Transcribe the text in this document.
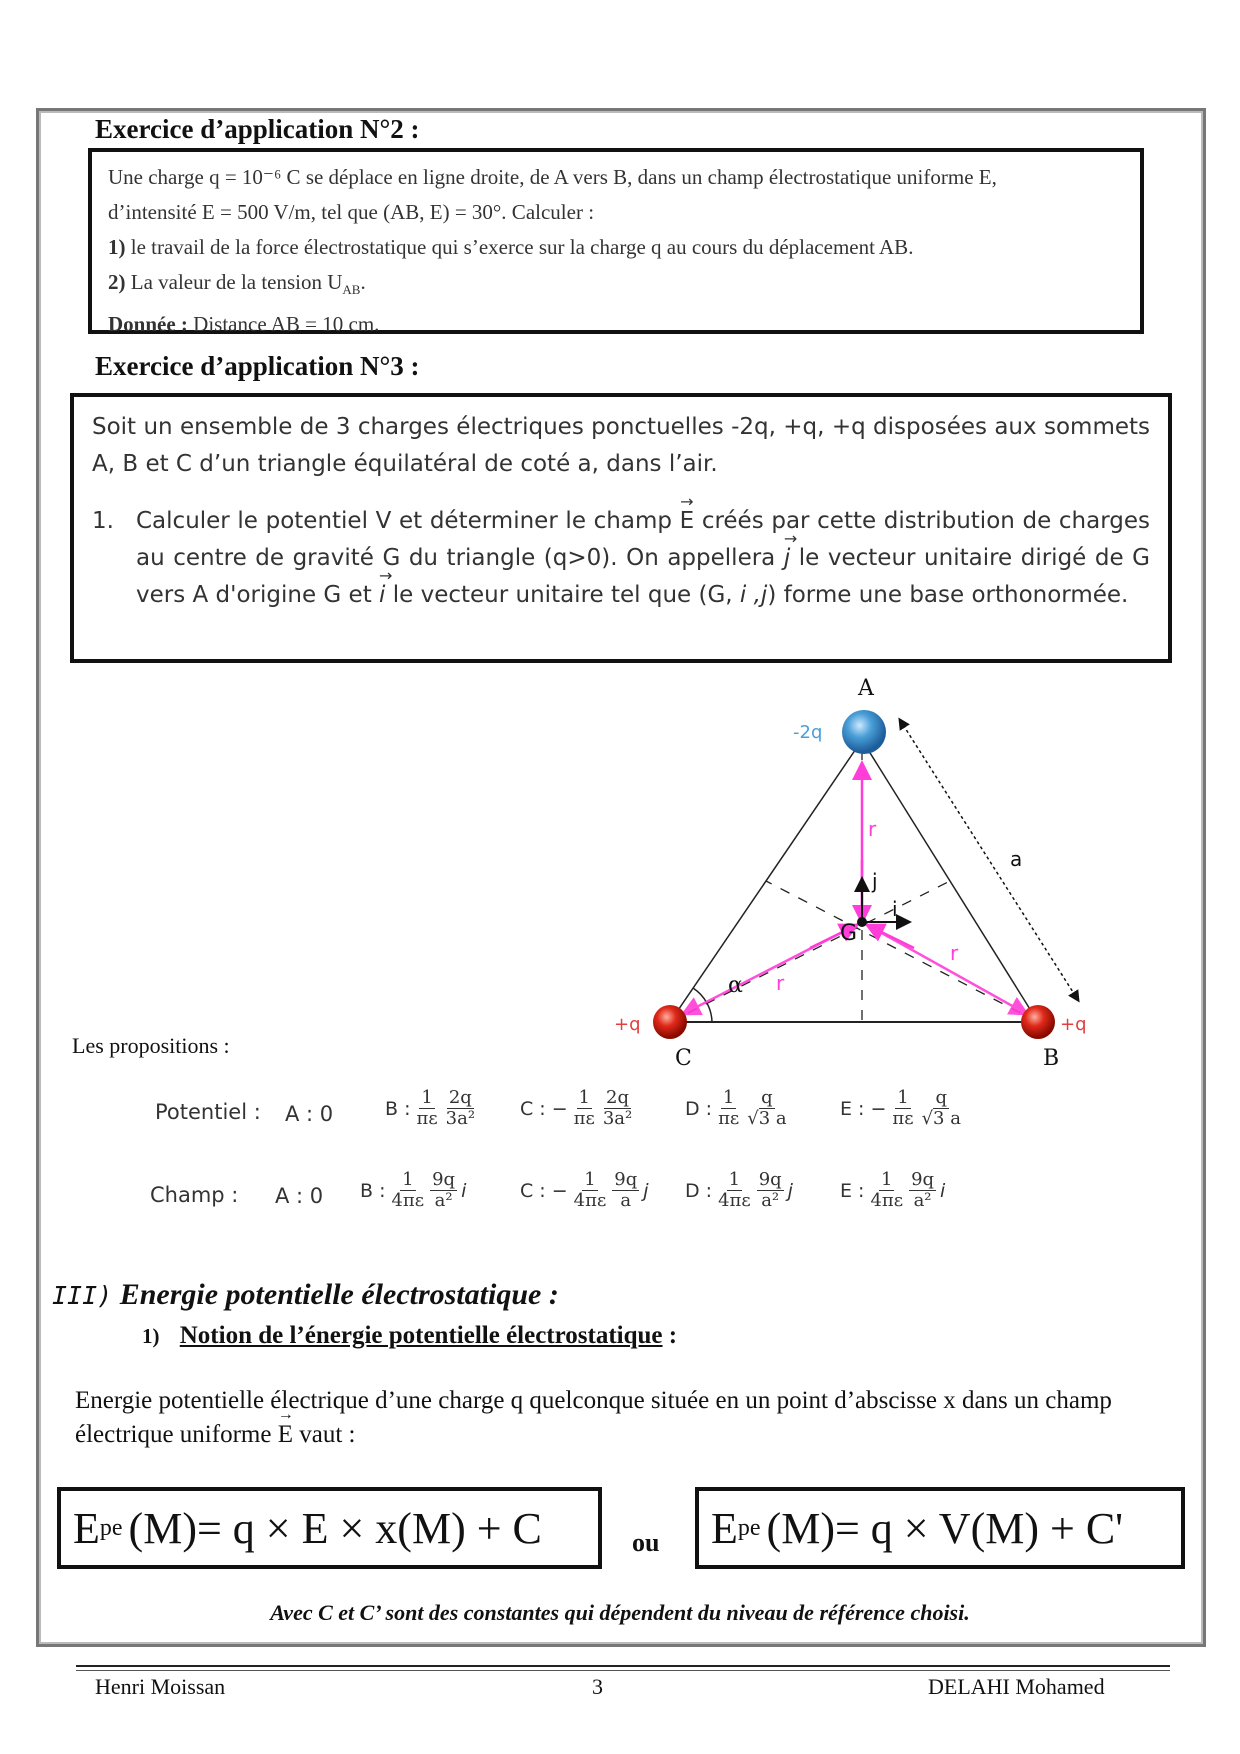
Exercice d’application N°2 :

Une charge q = 10⁻⁶ C se déplace en ligne droite, de A vers B, dans un champ électrostatique uniforme E,

d’intensité E = 500 V/m, tel que (AB, E) = 30°. Calculer :

1) le travail de la force électrostatique qui s’exerce sur la charge q au cours du déplacement AB.

2) La valeur de la tension $U_{AB}$.

Donnée : Distance AB = 10 cm.

Exercice d’application N°3 :

Soit un ensemble de 3 charges électriques ponctuelles -2q, +q, +q disposées aux sommets A, B et C d’un triangle équilatéral de coté a, dans l’air.

1. Calculer le potentiel V et déterminer le champ → E créés par cette distribution de charges au centre de gravité G du triangle (q>0). On appellera → j le vecteur unitaire dirigé de G vers A d'origine G et → i le vecteur unitaire tel que (G, i ,j) forme une base orthonormée.

A
C	B
G
-2q
+q	+q
r
r
r
a
α
j
i
Les propositions :
Potentiel : A : 0	B : $\frac{1}{\pi\varepsilon} \frac{2q}{\text{3a²}}$ C : − $\frac{1}{\pi\varepsilon} \frac{2q}{\text{3a²}}$	D : $\frac{1}{\pi\varepsilon} \frac{q}{√3 a}$	E : − $\frac{1}{\pi\varepsilon} \frac{q}{√3 a}$
Champ : A : 0 B : $\frac{1}{4\pi\varepsilon} \frac{9q}{\text{a²}}$ i	C : − $\frac{1}{4\pi\varepsilon} \frac{9q}{a}$ j D : $\frac{1}{4\pi\varepsilon} \frac{9q}{\text{a²}}$ j E : $\frac{1}{4\pi\varepsilon} \frac{9q}{\text{a²}}$ i
III) Energie potentielle électrostatique :
1) Notion de l’énergie potentielle électrostatique :
Energie potentielle électrique d’une charge q quelconque située en un point d’abscisse x dans un champ électrique uniforme → E vaut :
E pe (M)= q × E × x(M) + C	ou E pe (M)= q × V(M) + C'
Avec C et C’ sont des constantes qui dépendent du niveau de référence choisi.
Henri Moissan	3	DELAHI Mohamed
